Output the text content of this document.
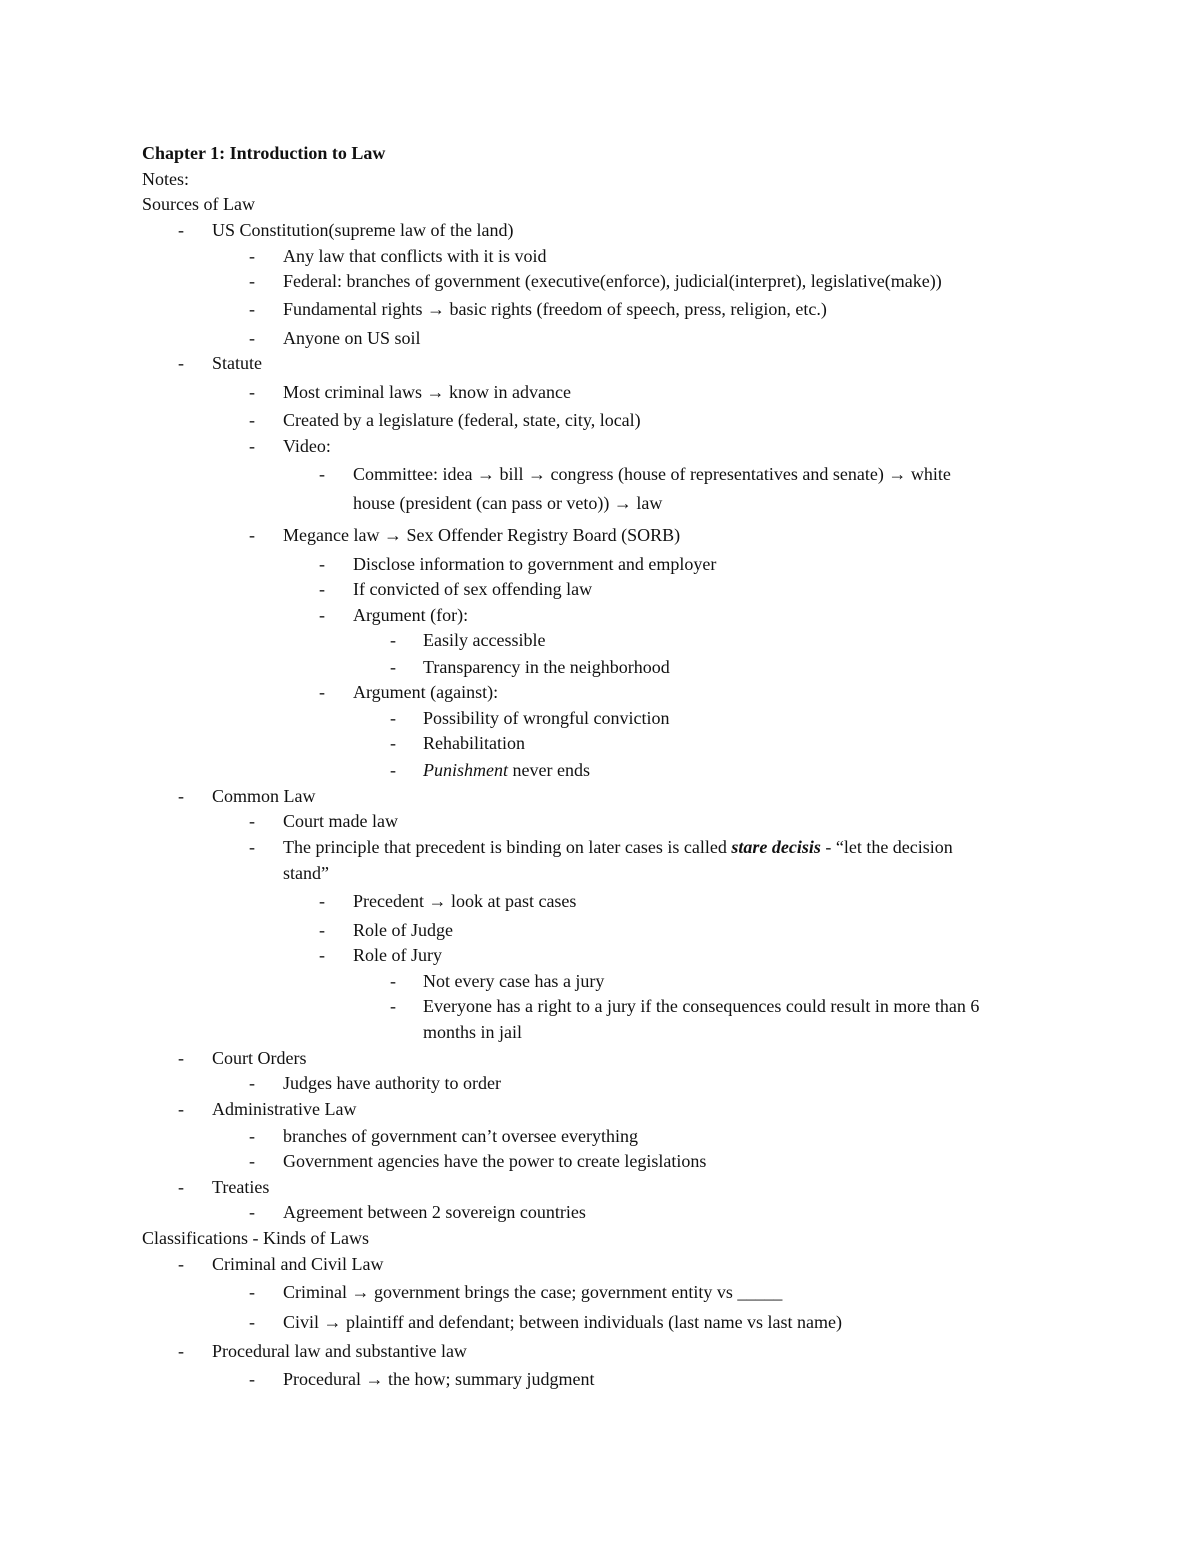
Chapter 1: Introduction to Law
Notes:
Sources of Law
- US Constitution(supreme law of the land)
- Any law that conflicts with it is void
- Federal: branches of government (executive(enforce), judicial(interpret), legislative(make))
- Fundamental rights → basic rights (freedom of speech, press, religion, etc.)
- Anyone on US soil
- Statute
- Most criminal laws → know in advance
- Created by a legislature (federal, state, city, local)
- Video:
- Committee: idea → bill → congress (house of representatives and senate) → white
house (president (can pass or veto)) → law
- Megance law → Sex Offender Registry Board (SORB)
- Disclose information to government and employer
- If convicted of sex offending law
- Argument (for):
- Easily accessible
- Transparency in the neighborhood
- Argument (against):
- Possibility of wrongful conviction
- Rehabilitation
- Punishment never ends
- Common Law
- Court made law
- The principle that precedent is binding on later cases is called stare decisis - “let the decision
stand”
- Precedent → look at past cases
- Role of Judge
- Role of Jury
- Not every case has a jury
- Everyone has a right to a jury if the consequences could result in more than 6
months in jail
- Court Orders
- Judges have authority to order
- Administrative Law
- branches of government can’t oversee everything
- Government agencies have the power to create legislations
- Treaties
- Agreement between 2 sovereign countries
Classifications - Kinds of Laws
- Criminal and Civil Law
- Criminal → government brings the case; government entity vs _____
- Civil → plaintiff and defendant; between individuals (last name vs last name)
- Procedural law and substantive law
- Procedural → the how; summary judgment
